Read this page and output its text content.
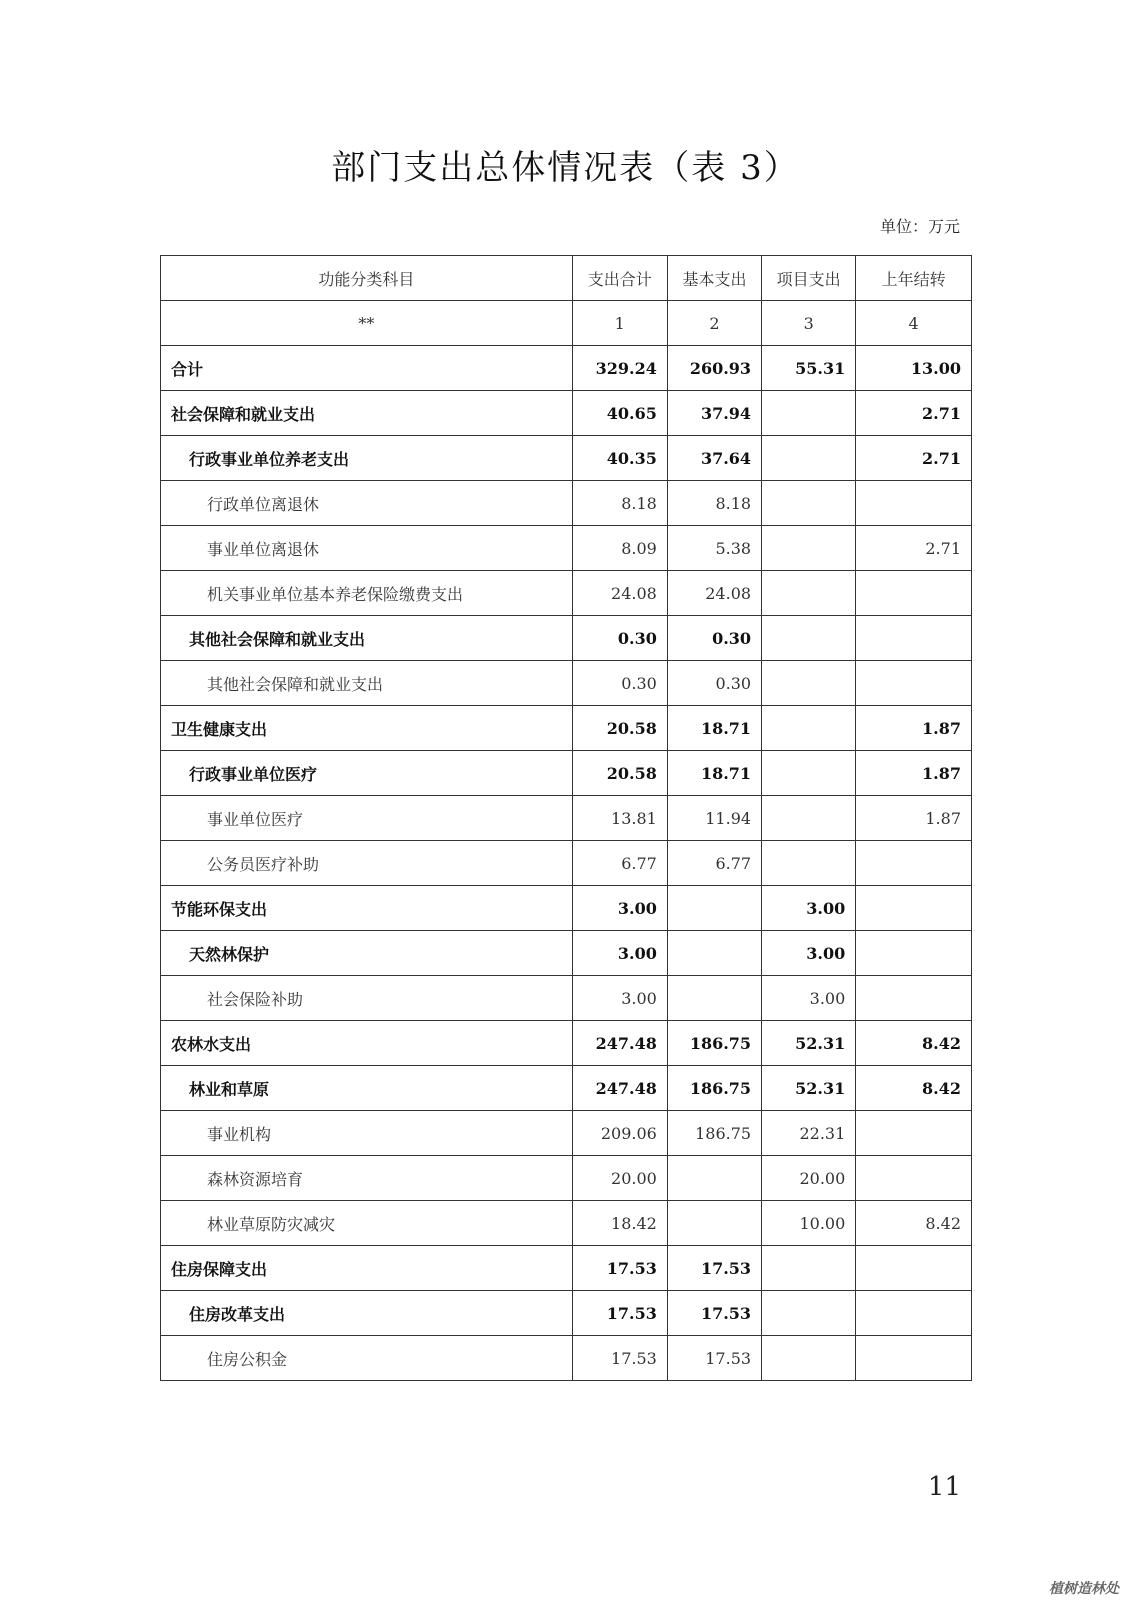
部门支出总体情况表（表 3）
单位：万元
功能分类科目	支出合计	基本支出	项目支出	上年结转
**	1	2	3	4
合计	329.24	260.93	55.31	13.00
社会保障和就业支出	40.65	37.94		2.71
行政事业单位养老支出	40.35	37.64		2.71
行政单位离退休	8.18	8.18		
事业单位离退休	8.09	5.38		2.71
机关事业单位基本养老保险缴费支出	24.08	24.08		
其他社会保障和就业支出	0.30	0.30		
其他社会保障和就业支出	0.30	0.30		
卫生健康支出	20.58	18.71		1.87
行政事业单位医疗	20.58	18.71		1.87
事业单位医疗	13.81	11.94		1.87
公务员医疗补助	6.77	6.77		
节能环保支出	3.00		3.00	
天然林保护	3.00		3.00	
社会保险补助	3.00		3.00	
农林水支出	247.48	186.75	52.31	8.42
林业和草原	247.48	186.75	52.31	8.42
事业机构	209.06	186.75	22.31	
森林资源培育	20.00		20.00	
林业草原防灾减灾	18.42		10.00	8.42
住房保障支出	17.53	17.53		
住房改革支出	17.53	17.53		
住房公积金	17.53	17.53		
11
植树造林处
